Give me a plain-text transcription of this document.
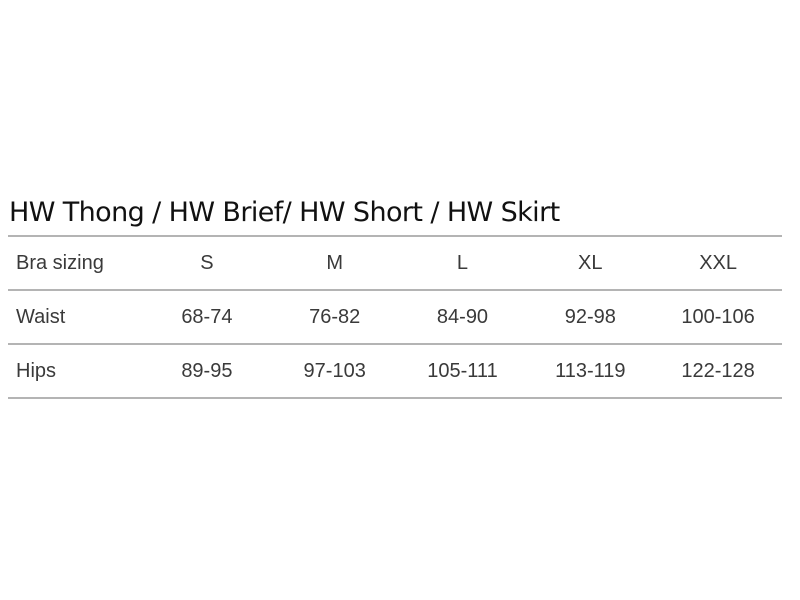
HW Thong / HW Brief/ HW Short / HW Skirt
Bra sizing	S	M	L	XL	XXL
Waist	68-74	76-82	84-90	92-98	100-106
Hips	89-95	97-103	105-111	113-119	122-128
